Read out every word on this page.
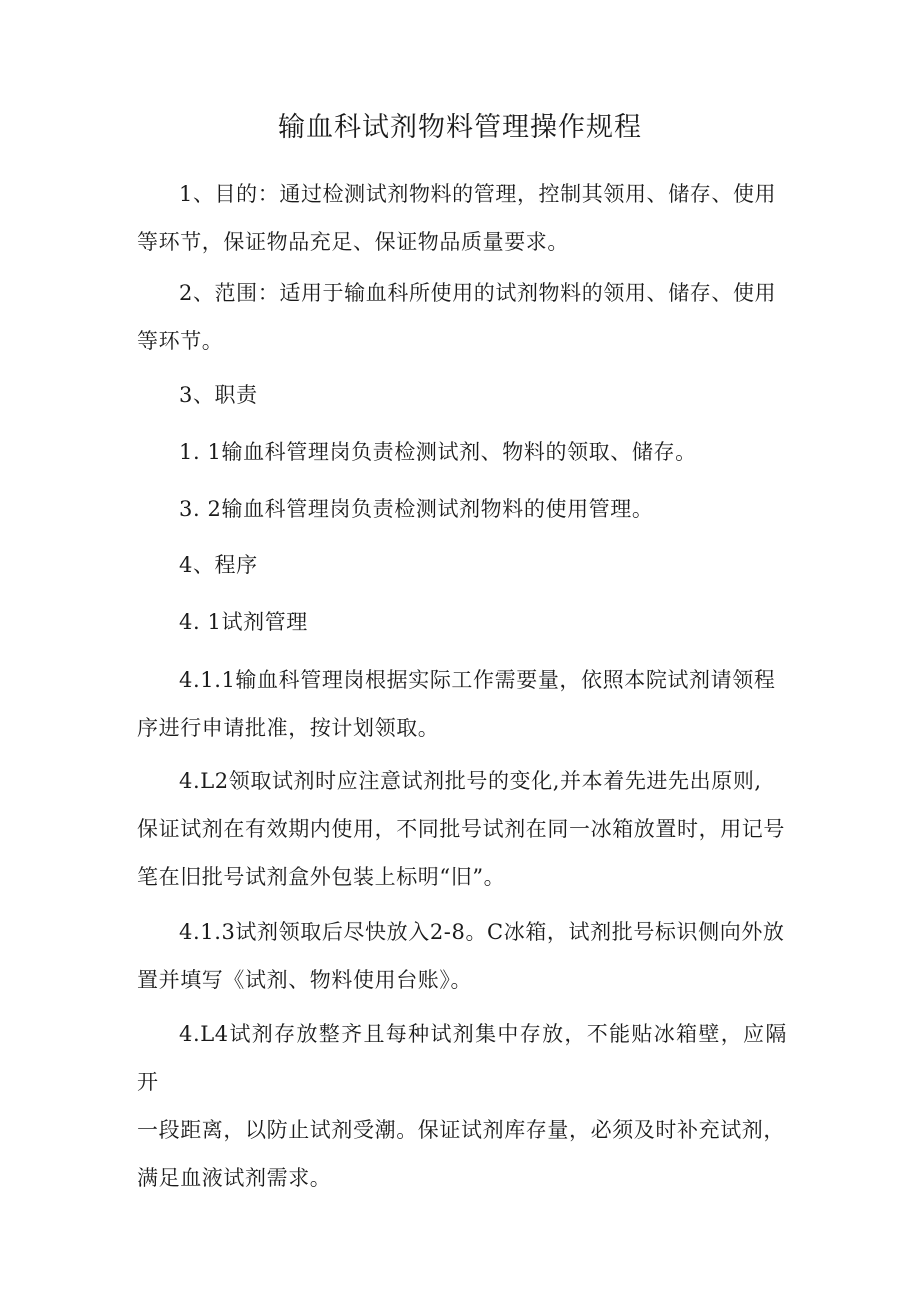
输血科试剂物料管理操作规程
1、目的：通过检测试剂物料的管理，控制其领用、储存、使用
等环节，保证物品充足、保证物品质量要求。
2、范围：适用于输血科所使用的试剂物料的领用、储存、使用
等环节。
3、职责
1. 1输血科管理岗负责检测试剂、物料的领取、储存。
3. 2输血科管理岗负责检测试剂物料的使用管理。
4、程序
4. 1试剂管理
4.1.1输血科管理岗根据实际工作需要量，依照本院试剂请领程
序进行申请批准，按计划领取。
4.L2领取试剂时应注意试剂批号的变化,并本着先进先出原则,
保证试剂在有效期内使用，不同批号试剂在同一冰箱放置时，用记号
笔在旧批号试剂盒外包装上标明“旧”。
4.1.3试剂领取后尽快放入2-8。C冰箱，试剂批号标识侧向外放
置并填写《试剂、物料使用台账》。
4.L4试剂存放整齐且每种试剂集中存放，不能贴冰箱壁，应隔开
一段距离，以防止试剂受潮。保证试剂库存量，必须及时补充试剂，
满足血液试剂需求。
